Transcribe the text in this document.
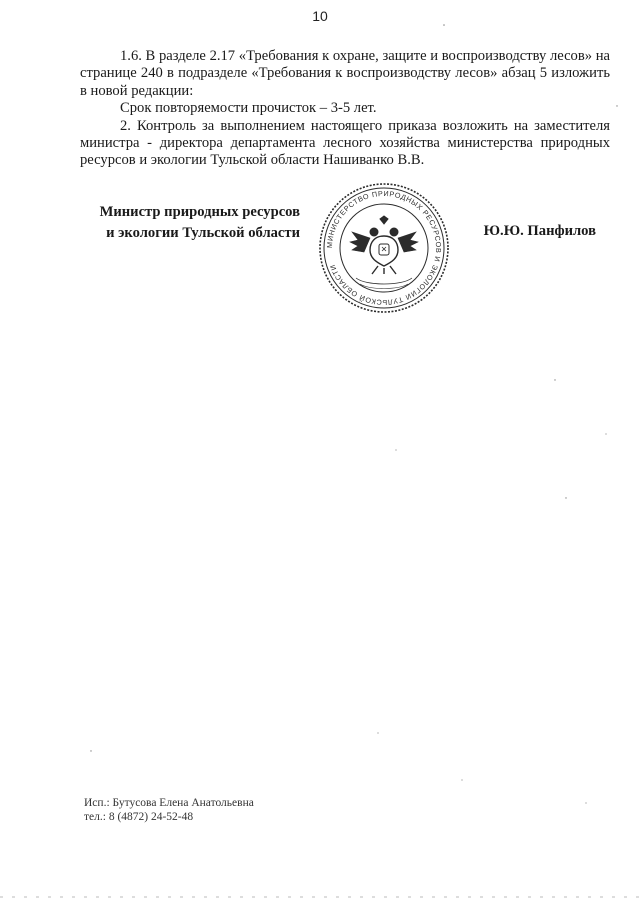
10

1.6. В разделе 2.17 «Требования к охране, защите и воспроизводству лесов» на странице 240 в подразделе «Требования к воспроизводству лесов» абзац 5 изложить в новой редакции:

Срок повторяемости прочисток – 3-5 лет.

2. Контроль за выполнением настоящего приказа возложить на заместителя министра - директора департамента лесного хозяйства министерства природных ресурсов и экологии Тульской области Нашиванко В.В.

Министр природных ресурсов
и экологии Тульской области
МИНИСТЕРСТВО ПРИРОДНЫХ РЕСУРСОВ И ЭКОЛОГИИ ТУЛЬСКОЙ ОБЛАСТИ
Ю.Ю. Панфилов
Исп.: Бутусова Елена Анатольевна
тел.: 8 (4872) 24-52-48
